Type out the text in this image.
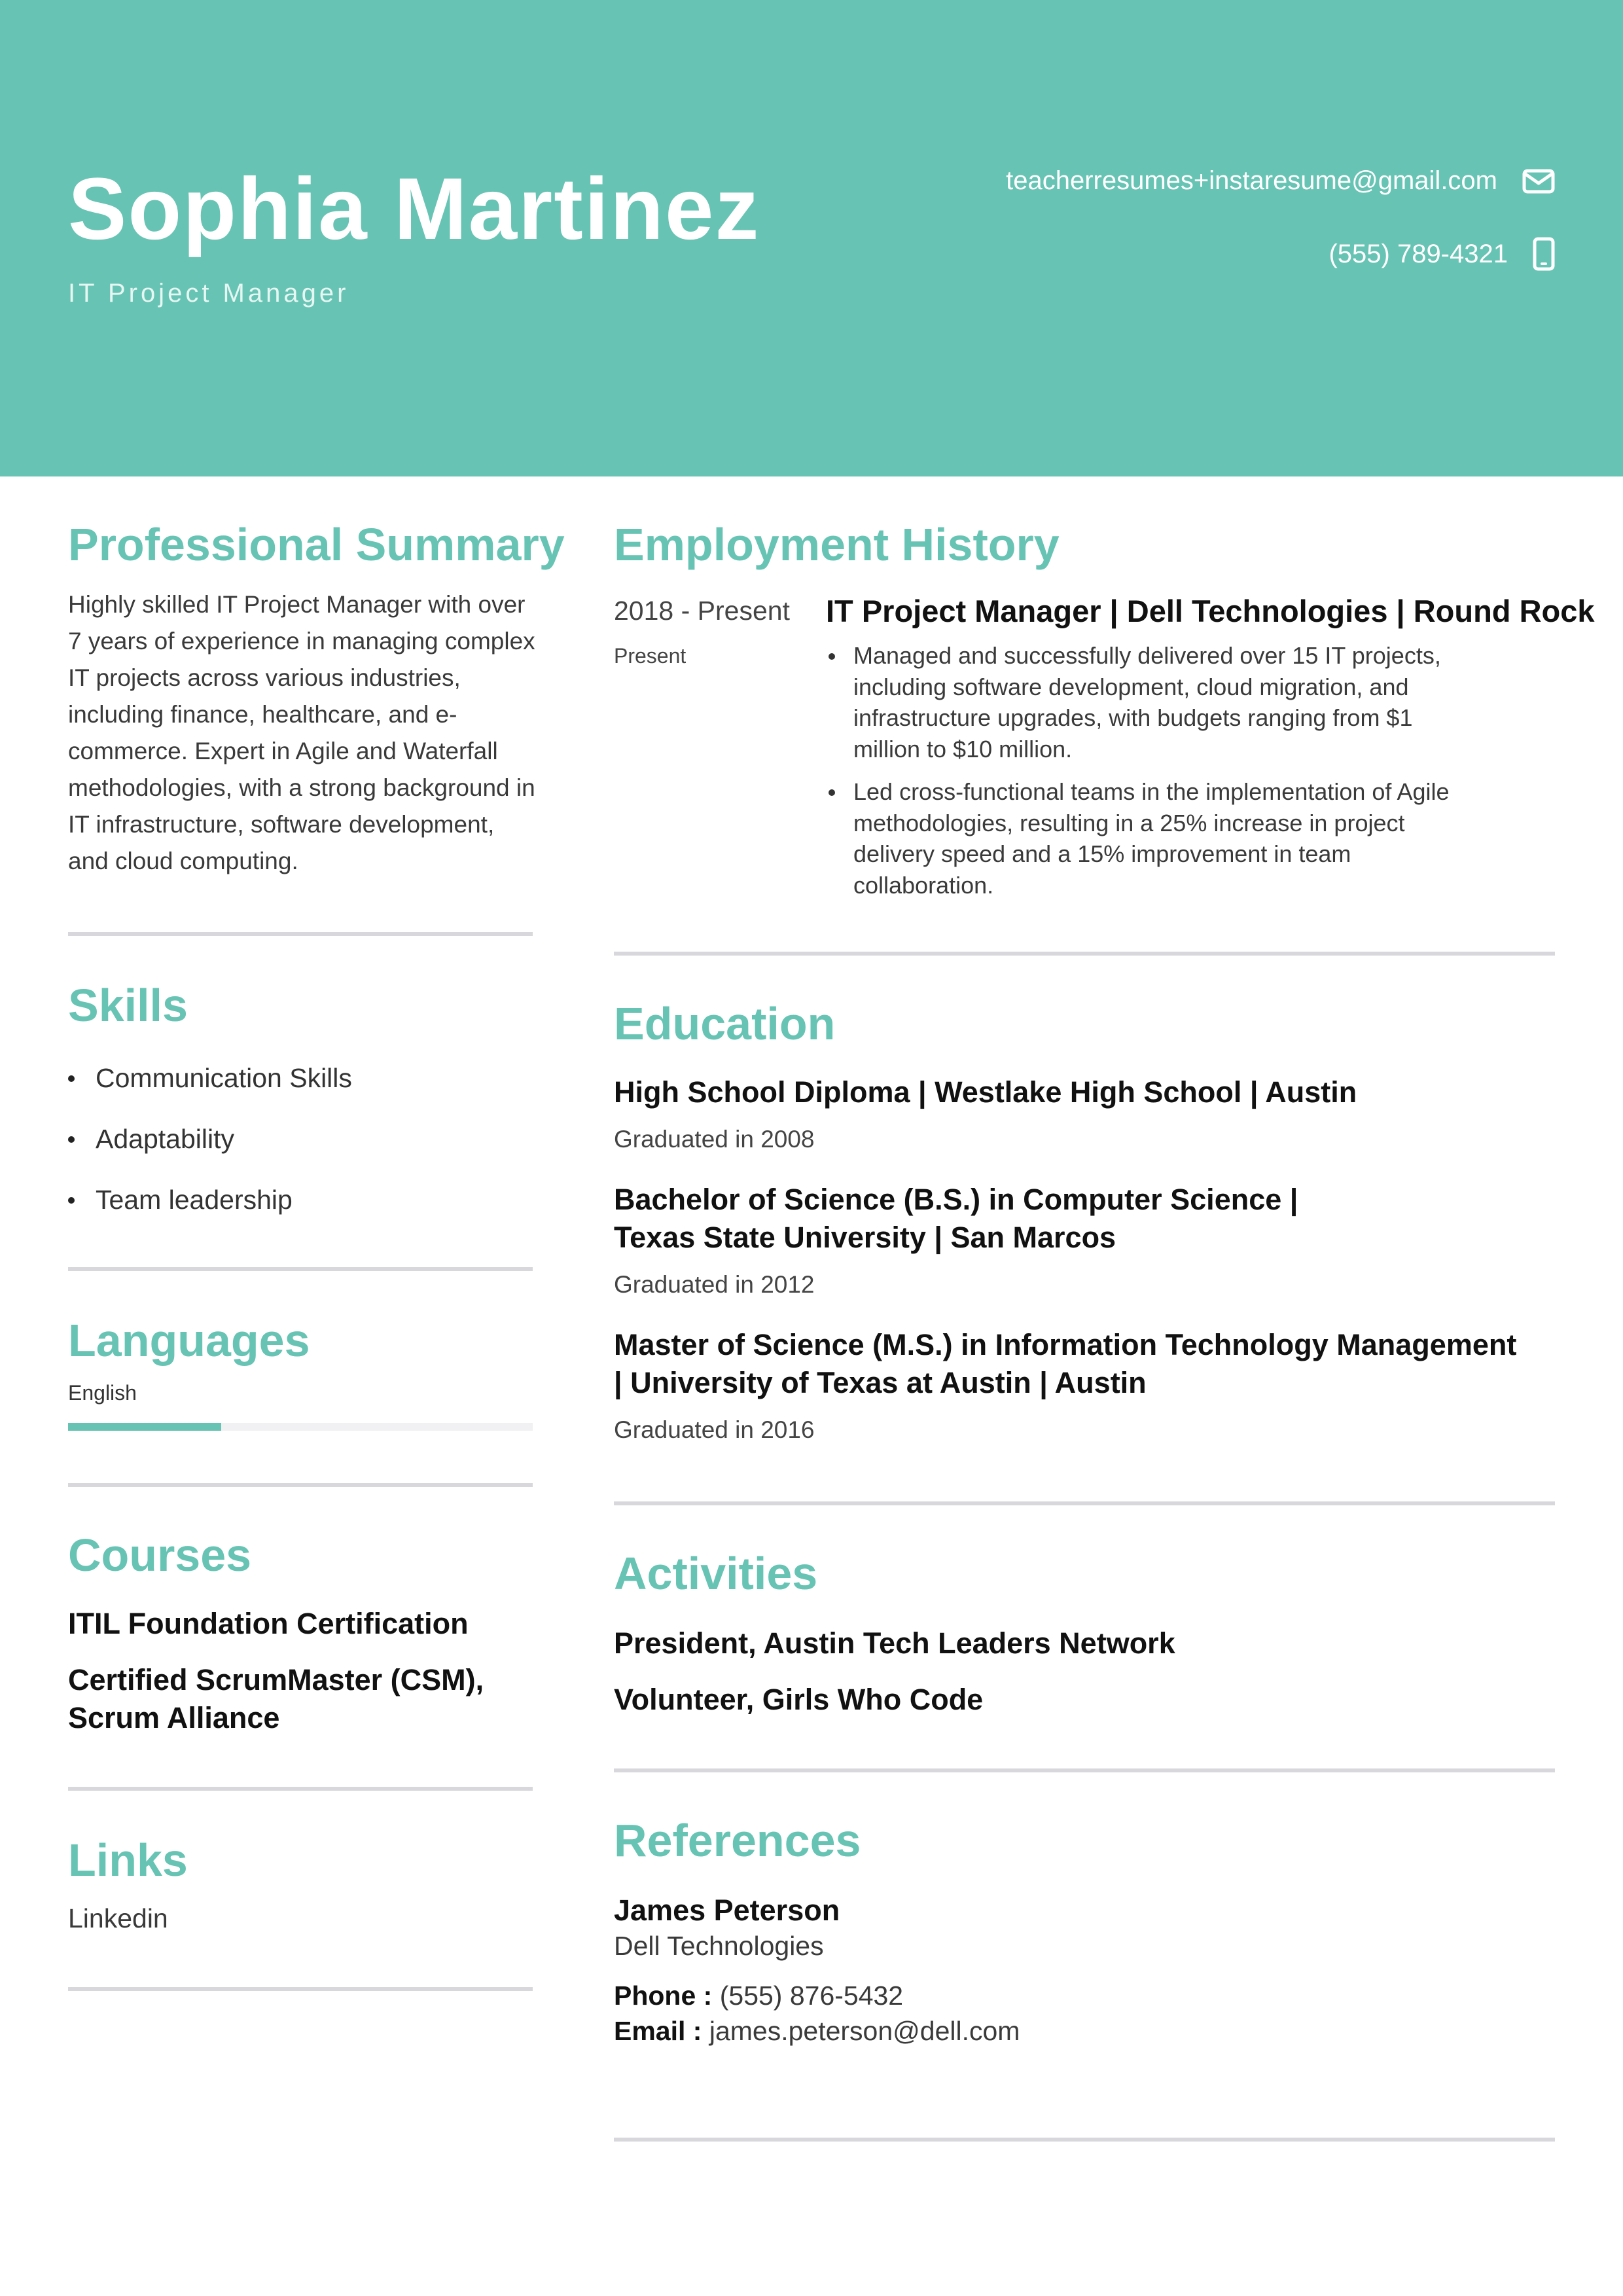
Sophia Martinez
IT Project Manager
teacherresumes+instaresume@gmail.com
(555) 789-4321
Professional Summary
Highly skilled IT Project Manager with over 7 years of experience in managing complex IT projects across various industries, including finance, healthcare, and e-commerce. Expert in Agile and Waterfall methodologies, with a strong background in IT infrastructure, software development, and cloud computing.
Skills
Communication Skills
Adaptability
Team leadership
Languages
English
Courses
ITIL Foundation Certification
Certified ScrumMaster (CSM), Scrum Alliance
Links
Linkedin
Employment History
2018 - Present
Present
IT Project Manager | Dell Technologies | Round Rock
Managed and successfully delivered over 15 IT projects, including software development, cloud migration, and infrastructure upgrades, with budgets ranging from $1 million to $10 million.
Led cross-functional teams in the implementation of Agile methodologies, resulting in a 25% increase in project delivery speed and a 15% improvement in team collaboration.
Education
High School Diploma | Westlake High School | Austin
Graduated in 2008
Bachelor of Science (B.S.) in Computer Science | Texas State University | San Marcos
Graduated in 2012
Master of Science (M.S.) in Information Technology Management | University of Texas at Austin | Austin
Graduated in 2016
Activities
President, Austin Tech Leaders Network
Volunteer, Girls Who Code
References
James Peterson
Dell Technologies
Phone : (555) 876-5432
Email : james.peterson@dell.com
